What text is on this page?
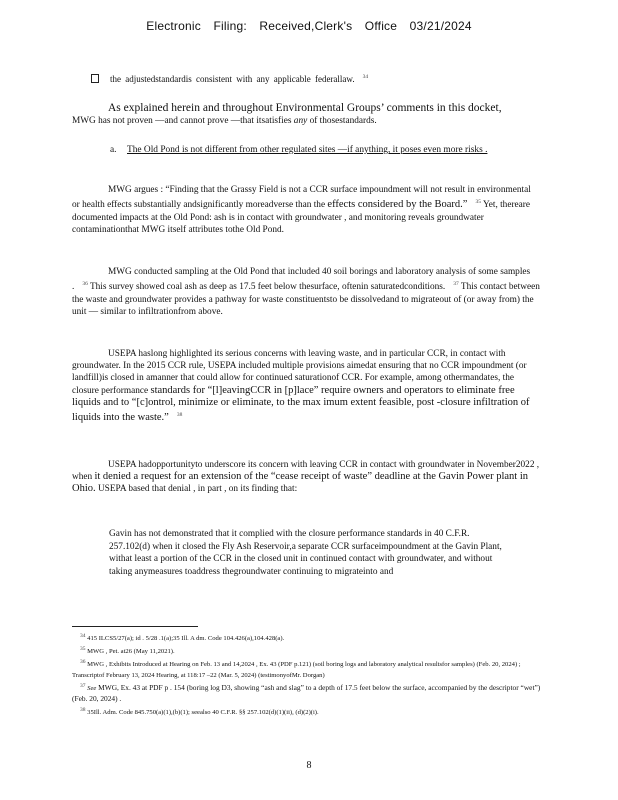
Electronic Filing: Received,Clerk's Office 03/21/2024
the adjustedstandardis consistent with any applicable federallaw. $^{34}$
As explained herein and throughout Environmental Groups’ comments in this docket,
MWG has not proven —and cannot prove —that itsatisfies any of thosestandards.
a. The Old Pond is not different from other regulated sites —if anything, it poses even more risks .
MWG argues : “Finding that the Grassy Field is not a CCR surface impoundment will not result in environmental or health effects substantially andsignificantly moreadverse than the effects considered by the Board.” $^{35}$ Yet, thereare documented impacts at the Old Pond: ash is in contact with groundwater , and monitoring reveals groundwater contaminationthat MWG itself attributes tothe Old Pond.
MWG conducted sampling at the Old Pond that included 40 soil borings and laboratory analysis of some samples . $^{36}$ This survey showed coal ash as deep as 17.5 feet below thesurface, oftenin saturatedconditions. $^{37}$ This contact between the waste and groundwater provides a pathway for waste constituentsto be dissolvedand to migrateout of (or away from) the unit — similar to infiltrationfrom above.
USEPA haslong highlighted its serious concerns with leaving waste, and in particular CCR, in contact with groundwater. In the 2015 CCR rule, USEPA included multiple provisions aimedat ensuring that no CCR impoundment (or landfill)is closed in amanner that could allow for continued saturationof CCR. For example, among othermandates, the closure performance standards for “[l]eavingCCR in [p]lace” require owners and operators to eliminate free liquids and to “[c]ontrol, minimize or eliminate, to the max imum extent feasible, post -closure infiltration of liquids into the waste.” $^{38}$
USEPA hadopportunityto underscore its concern with leaving CCR in contact with groundwater in November2022 , when it denied a request for an extension of the “cease receipt of waste” deadline at the Gavin Power plant in Ohio. USEPA based that denial , in part , on its finding that:
Gavin has not demonstrated that it complied with the closure performance standards in 40 C.F.R. 257.102(d) when it closed the Fly Ash Reservoir,a separate CCR surfaceimpoundment at the Gavin Plant, withat least a portion of the CCR in the closed unit in continued contact with groundwater, and without taking anymeasures toaddress thegroundwater continuing to migrateinto and
$^{34}$ 415 ILCS5/27(a); id . 5/28 .1(a);35 Ill. A dm. Code 104.426(a),104.428(a).
$^{35}$ MWG , Pet. at26 (May 11,2021).
$^{36}$ MWG , Exhibits Introduced at Hearing on Feb. 13 and 14,2024 , Ex. 43 (PDF p.121) (soil boring logs and laboratory analytical resultsfor samples) (Feb. 20, 2024) ; Transcriptof February 13, 2024 Hearing, at 118:17 –22 (Mar. 5, 2024) (testimonyofMr. Dorgan)
$^{37}$ See MWG, Ex. 43 at PDF p . 154 (boring log D3, showing “ash and slag” to a depth of 17.5 feet below the surface, accompanied by the descriptor “wet”) (Feb. 20, 2024) .
$^{38}$ 35Ill. Adm. Code 845.750(a)(1),(b)(1); seealso 40 C.F.R. §§ 257.102(d)(1)(ii), (d)(2)(i).
8
